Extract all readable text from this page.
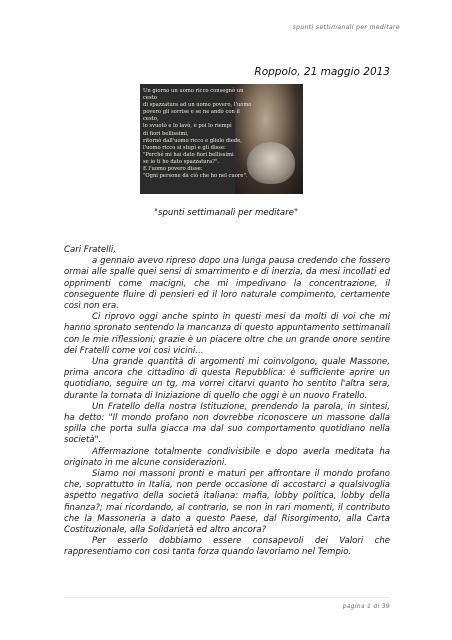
spunti settimanali per meditare
Roppolo, 21 maggio 2013
Un giorno un uomo ricco consegnò un cesto
di spazzatura ad un uomo povero, l'uomo
povero gli sorrise e se ne andò con il cesto,
lo svuotò e lo lavò, e poi lo riempì
di fiori bellissimi,
ritornò dall'uomo ricco e glielo diede,
l'uomo ricco si stupì e gli disse:
"Perché mi hai dato fiori bellissimi
se io ti ho dato spazzatura?".
E l'uomo povero disse:
"Ogni persone dà ciò che ho nel cuore".
"spunti settimanali per meditare"

Cari Fratelli,

a gennaio avevo ripreso dopo una lunga pausa credendo che fossero ormai alle spalle quei sensi di smarrimento e di inerzia, da mesi incollati ed opprimenti come macigni, che mi impedivano la concentrazione, il conseguente fluire di pensieri ed il loro naturale compimento, certamente così non era.

Ci riprovo oggi anche spinto in questi mesi da molti di voi che mi hanno spronato sentendo la mancanza di questo appuntamento settimanali con le mie riflessioni; grazie è un piacere oltre che un grande onore sentire dei Fratelli come voi così vicini…

Una grande quantità di argomenti mi coinvolgono, quale Massone, prima ancora che cittadino di questa Repubblica: è sufficiente aprire un quotidiano, seguire un tg, ma vorrei citarvi quanto ho sentito l'altra sera, durante la tornata di Iniziazione di quello che oggi è un nuovo Fratello.

Un Fratello della nostra Istituzione, prendendo la parola, in sintesi, ha detto: "Il mondo profano non dovrebbe riconoscere un massone dalla spilla che porta sulla giacca ma dal suo comportamento quotidiano nella società".

Affermazione totalmente condivisibile e dopo averla meditata ha originato in me alcune considerazioni.

Siamo noi massoni pronti e maturi per affrontare il mondo profano che, soprattutto in Italia, non perde occasione di accostarci a qualsivoglia aspetto negativo della società italiana: mafia, lobby politica, lobby della finanza?; mai ricordando, al contrario, se non in rari momenti, il contributo che la Massoneria a dato a questo Paese, dal Risorgimento, alla Carta Costituzionale, alla Solidarietà ed altro ancora?

Per esserlo dobbiamo essere consapevoli dei Valori che rappresentiamo con così tanta forza quando lavoriamo nel Tempio.

pagina 1 di 39
